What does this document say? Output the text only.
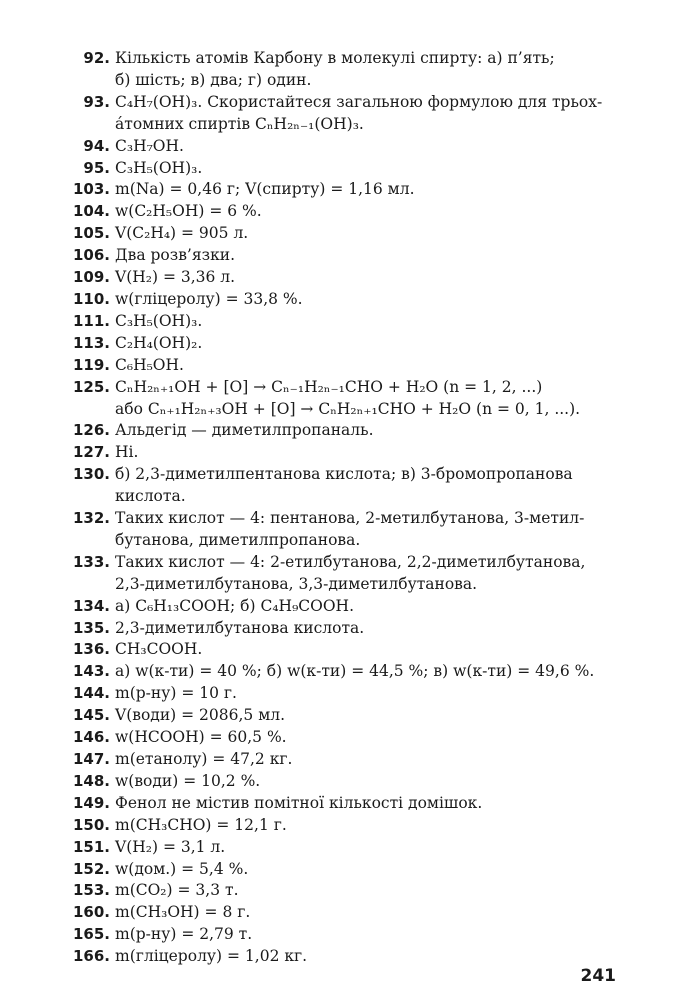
92. Кількість атомів Карбону в молекулі спирту: а) п’ять;
б) шість; в) два; г) один.
93. C₄H₇(OH)₃. Скористайтеся загальною формулою для трьох-
а́томних спиртів CₙH₂ₙ₋₁(OH)₃.
94. C₃H₇OH.
95. C₃H₅(OH)₃.
103. m(Na) = 0,46 г; V(спирту) = 1,16 мл.
104. w(C₂H₅OH) = 6 %.
105. V(C₂H₄) = 905 л.
106. Два розв’язки.
109. V(H₂) = 3,36 л.
110. w(гліцеролу) = 33,8 %.
111. C₃H₅(OH)₃.
113. C₂H₄(OH)₂.
119. C₆H₅OH.
125. CₙH₂ₙ₊₁OH + [O] → Cₙ₋₁H₂ₙ₋₁CHO + H₂O (n = 1, 2, ...)
або Cₙ₊₁H₂ₙ₊₃OH + [O] → CₙH₂ₙ₊₁CHO + H₂O (n = 0, 1, ...).
126. Альдегід — диметилпропаналь.
127. Ні.
130. б) 2,3-диметилпентанова кислота; в) 3-бромопропанова
кислота.
132. Таких кислот — 4: пентанова, 2-метилбутанова, 3-метил-
бутанова, диметилпропанова.
133. Таких кислот — 4: 2-етилбутанова, 2,2-диметилбутанова,
2,3-диметилбутанова, 3,3-диметилбутанова.
134. а) C₆H₁₃COOH; б) C₄H₉COOH.
135. 2,3-диметилбутанова кислота.
136. CH₃COOH.
143. а) w(к-ти) = 40 %; б) w(к-ти) = 44,5 %; в) w(к-ти) = 49,6 %.
144. m(р-ну) = 10 г.
145. V(води) = 2086,5 мл.
146. w(HCOOH) = 60,5 %.
147. m(етанолу) = 47,2 кг.
148. w(води) = 10,2 %.
149. Фенол не містив помітної кількості домішок.
150. m(CH₃CHO) = 12,1 г.
151. V(H₂) = 3,1 л.
152. w(дом.) = 5,4 %.
153. m(CO₂) = 3,3 т.
160. m(CH₃OH) = 8 г.
165. m(р-ну) = 2,79 т.
166. m(гліцеролу) = 1,02 кг.
241
